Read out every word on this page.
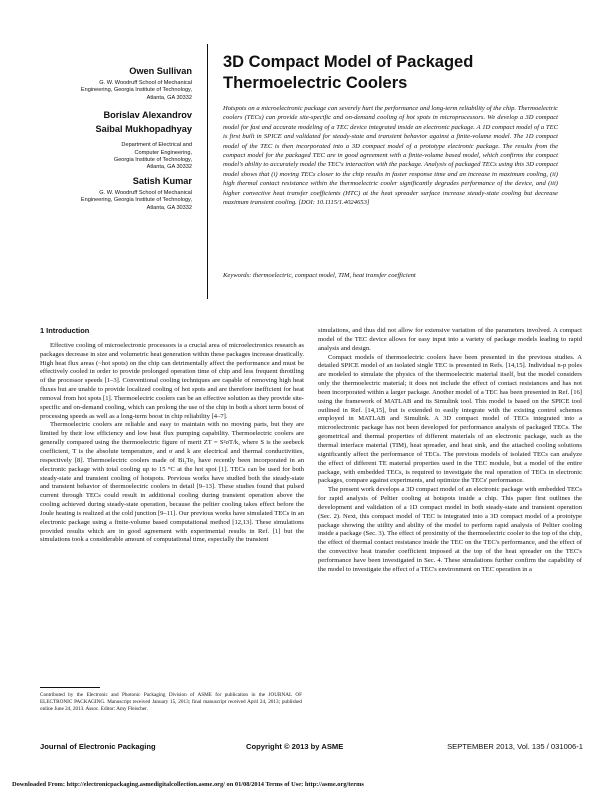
Owen Sullivan
G. W. Woodruff School of Mechanical
Engineering, Georgia Institute of Technology,
Atlanta, GA 30332
Borislav Alexandrov
Saibal Mukhopadhyay
Department of Electrical and
Computer Engineering,
Georgia Institute of Technology,
Atlanta, GA 30332
Satish Kumar
G. W. Woodruff School of Mechanical
Engineering, Georgia Institute of Technology,
Atlanta, GA 30332
3D Compact Model of Packaged Thermoelectric Coolers
Hotspots on a microelectronic package can severely hurt the performance and long-term reliability of the chip. Thermoelectric coolers (TECs) can provide site-specific and on-demand cooling of hot spots in microprocessors. We develop a 3D compact model for fast and accurate modeling of a TEC device integrated inside an electronic package. A 1D compact model of a TEC is first built in SPICE and validated for steady-state and transient behavior against a finite-volume model. The 1D compact model of the TEC is then incorporated into a 3D compact model of a prototype electronic package. The results from the compact model for the packaged TEC are in good agreement with a finite-volume based model, which confirms the compact model's ability to accurately model the TEC's interaction with the package. Analysis of packaged TECs using this 3D compact model shows that (i) moving TECs closer to the chip results in faster response time and an increase in maximum cooling, (ii) high thermal contact resistance within the thermoelectric cooler significantly degrades performance of the device, and (iii) higher convective heat transfer coefficients (HTC) at the heat spreader surface increase steady-state cooling but decrease maximum transient cooling. [DOI: 10.1115/1.4024653]
Keywords: thermoelectric, compact model, TIM, heat transfer coefficient
1 Introduction

Effective cooling of microelectronic processors is a crucial area of microelectronics research as packages decrease in size and volumetric heat generation within these packages increase drastically. High heat flux areas (~hot spots) on the chip can detrimentally affect the performance and must be effectively cooled in order to provide prolonged operation time of chip and less frequent throttling of the processor speeds [1–3]. Conventional cooling techniques are capable of removing high heat fluxes but are unable to provide localized cooling of hot spots and are therefore inefficient for heat removal from hot spots [1]. Thermoelectric coolers can be an effective solution as they provide site-specific and on-demand cooling, which can prolong the use of the chip in both a short term boost of processing speeds as well as a long-term boost in chip reliability [4–7].

Thermoelectric coolers are reliable and easy to maintain with no moving parts, but they are limited by their low efficiency and low heat flux pumping capability. Thermoelectric coolers are generally compared using the thermoelectric figure of merit ZT = S²σT/k, where S is the seebeck coefficient, T is the absolute temperature, and σ and k are electrical and thermal conductivities, respectively [8]. Thermoelectric coolers made of Bi₂Te₃ have recently been incorporated in an electronic package with total cooling up to 15 °C at the hot spot [1]. TECs can be used for both steady-state and transient cooling of hotspots. Previous works have studied both the steady-state and transient behavior of thermoelectric coolers in detail [9–13]. These studies found that pulsed current through TECs could result in additional cooling during transient operation above the cooling achieved during steady-state operation, because the peltier cooling takes effect before the Joule heating is realized at the cold junction [9–11]. Our previous works have simulated TECs in an electronic package using a finite-volume based computational method [12,13]. These simulations provided results which are in good agreement with experimental results in Ref. [1] but the simulations took a considerable amount of computational time, especially the transient

simulations, and thus did not allow for extensive variation of the parameters involved. A compact model of the TEC device allows for easy input into a variety of package models leading to rapid analysis and design.

Compact models of thermoelectric coolers have been presented in the previous studies. A detailed SPICE model of an isolated single TEC is presented in Refs. [14,15]. Individual n-p poles are modeled to simulate the physics of the thermoelectric material itself, but the model considers only the thermoelectric material; it does not include the effect of contact resistances and has not been incorporated within a larger package. Another model of a TEC has been presented in Ref. [16] using the framework of MATLAB and its Simulink tool. This model is based on the SPICE tool outlined in Ref. [14,15], but is extended to easily integrate with the existing control schemes employed in MATLAB and Simulink. A 3D compact model of TECs integrated into a microelectronic package has not been developed for performance analysis of packaged TECs. The geometrical and thermal properties of different materials of an electronic package, such as the thermal interface material (TIM), heat spreader, and heat sink, and the attached cooling solutions significantly affect the performance of TECs. The previous models of isolated TECs can analyze the effect of different TE material properties used in the TEC module, but a model of the entire package, with embedded TECs, is required to investigate the real operation of TECs in electronic packages, compare against experiments, and optimize the TECs' performance.

The present work develops a 3D compact model of an electronic package with embedded TECs for rapid analysis of Peltier cooling at hotspots inside a chip. This paper first outlines the development and validation of a 1D compact model in both steady-state and transient operation (Sec. 2). Next, this compact model of TEC is integrated into a 3D compact model of a prototype package showing the utility and ability of the model to perform rapid analysis of Peltier cooling inside a package (Sec. 3). The effect of proximity of the thermoelectric cooler to the top of the chip, the effect of thermal contact resistance inside the TEC on the TEC's performance, and the effect of the convective heat transfer coefficient imposed at the top of the heat spreader on the TEC's performance have been investigated in Sec. 4. These simulations further confirm the capability of the model to investigate the effect of a TEC's environment on TEC operation in a

Contributed by the Electronic and Photonic Packaging Division of ASME for publication in the JOURNAL OF ELECTRONIC PACKAGING. Manuscript received January 15, 2013; final manuscript received April 24, 2013; published online June 24, 2013. Assoc. Editor: Amy Fleischer.
Journal of Electronic Packaging	Copyright © 2013 by ASME	SEPTEMBER 2013, Vol. 135 / 031006-1
Downloaded From: http://electronicpackaging.asmedigitalcollection.asme.org/ on 01/08/2014 Terms of Use: http://asme.org/terms
